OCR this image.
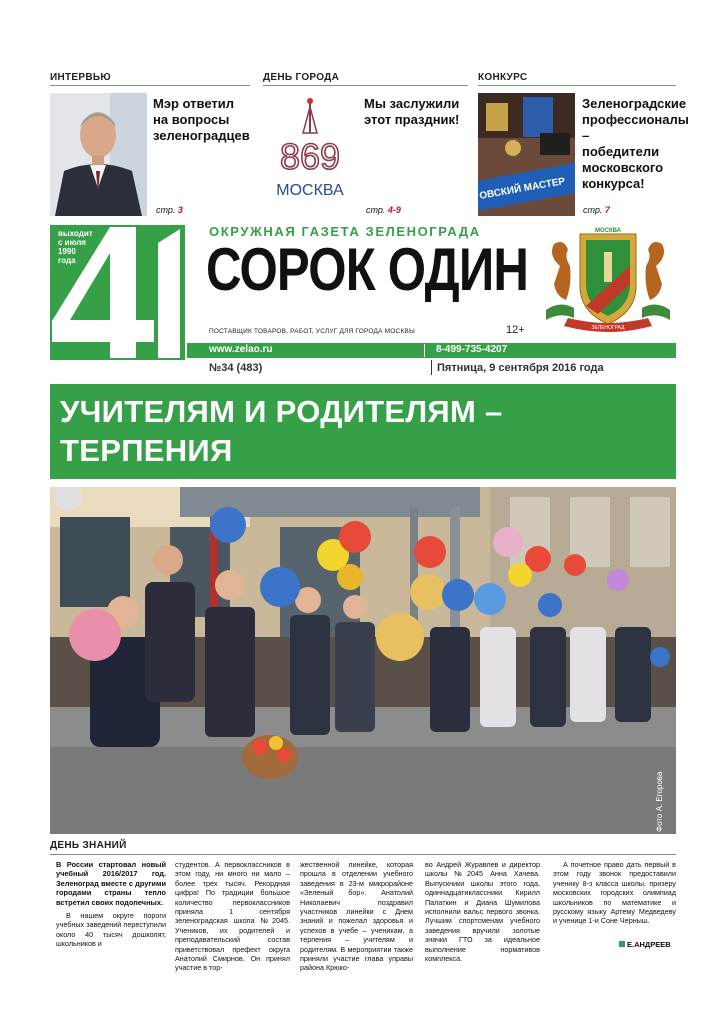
ИНТЕРВЬЮ
Мэр ответил
на вопросы
зеленоградцев
стр. 3
ДЕНЬ ГОРОДА
869
МОСКВА
Мы заслужили
этот праздник!
стр. 4-9
КОНКУРС
ОВСКИЙ МАСТЕР
Зеленоградские
профессионалы –
победители
московского
конкурса!
стр. 7
выходит
с июля
1990
года
ОКРУЖНАЯ ГАЗЕТА ЗЕЛЕНОГРАДА
СОРОК ОДИН
ПОСТАВЩИК ТОВАРОВ, РАБОТ, УСЛУГ ДЛЯ ГОРОДА МОСКВЫ	12+
МОСКВА
ЗЕЛЕНОГРАД
www.zelao.ru	8-499-735-4207
№34 (483)	Пятница, 9 сентября 2016 года
УЧИТЕЛЯМ И РОДИТЕЛЯМ –
ТЕРПЕНИЯ
Фото А. Егорова
ДЕНЬ ЗНАНИЙ
В России стартовал новый учебный 2016/2017 год. Зеленоград вместе с другими городами страны тепло встретил своих подопечных.

В нашем округе пороги учебных заведений переступили около 40 тысяч дошколят, школьников и

студентов. А первоклассников в этом году, ни много ни мало – более трех тысяч. Рекордная цифра! По традиции большое количество первоклассников приняла 1 сентября зеленоградская школа №2045. Учеников, их родителей и преподавательский состав приветствовал префект округа Анатолий Смирнов. Он принял участие в тор-

жественной линейке, которая прошла в отделении учебного заведения в 23-м микрорайоне «Зеленый бор». Анатолий Николаевич поздравил участников линейки с Днем знаний и пожелал здоровья и успехов в учебе – ученикам, а терпения – учителям и родителям. В мероприятии также приняли участие глава управы района Крюко-

во Андрей Журавлев и директор школы №2045 Анна Хачева. Выпускники школы этого года, одиннадцатиклассники Кирилл Палаткин и Диана Шумилова исполнили вальс первого звонка. Лучшим спортсменам учебного заведения вручили золотые значки ГТО за идеальное выполнение нормативов комплекса.

А почетное право дать первый в этом году звонок предоставили ученику 8-з класса школы, призеру московских городских олимпиад школьников по математике и русскому языку Артему Медведеву и ученице 1-и Соне Черныш.

Е.АНДРЕЕВ
